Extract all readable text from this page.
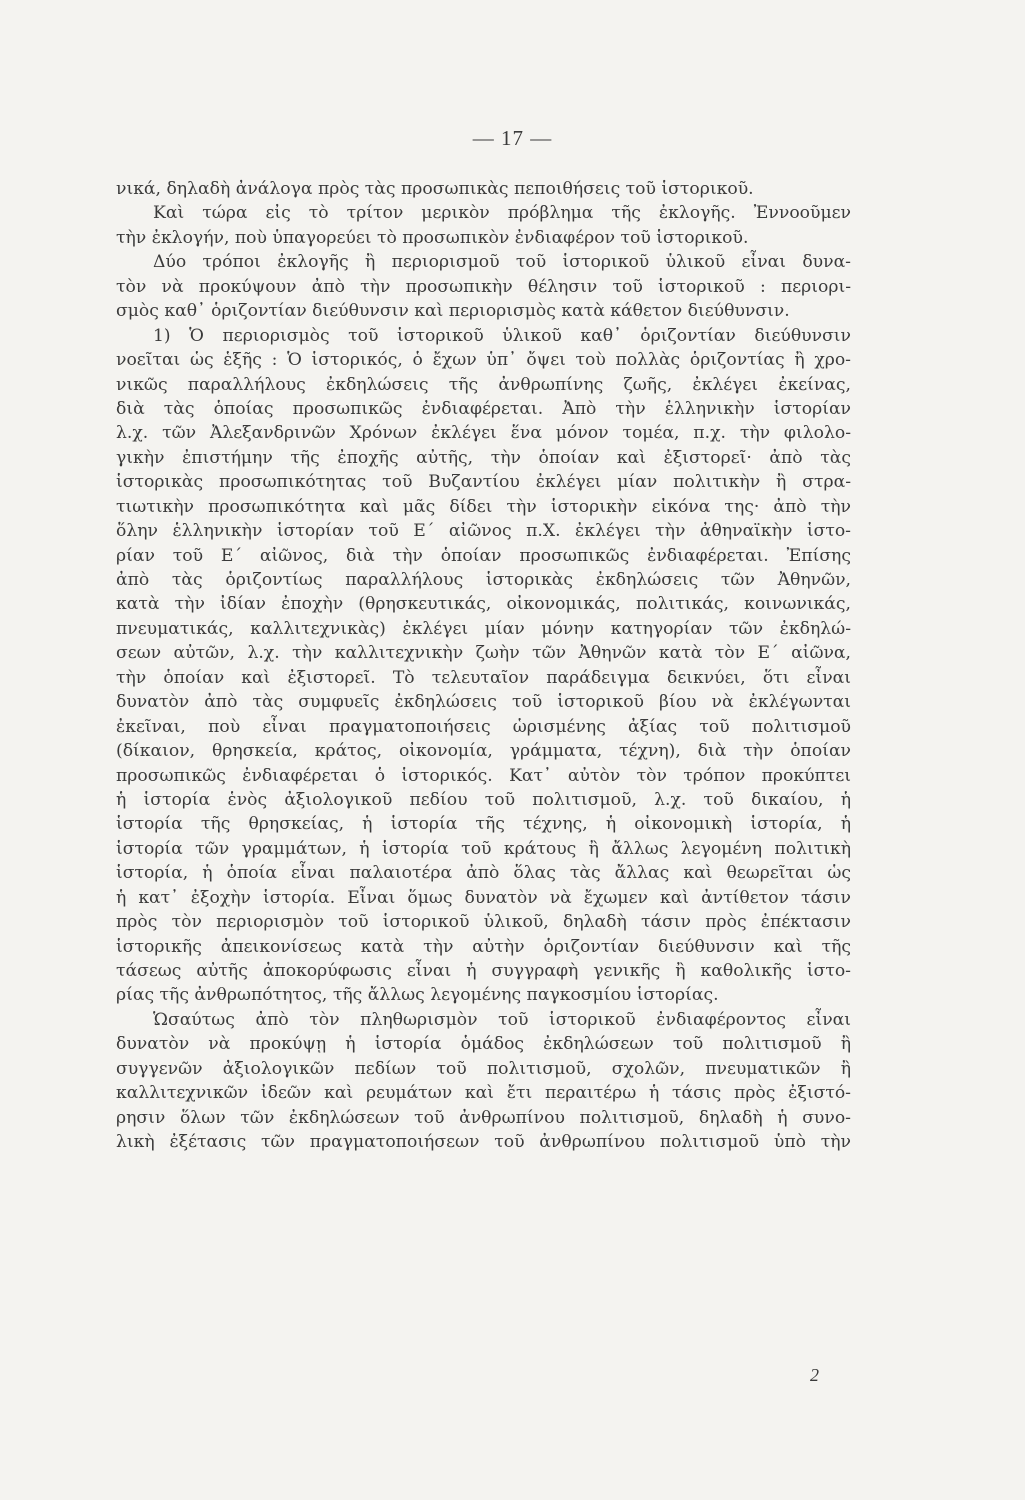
— 17 —
νικά, δηλαδὴ ἀνάλογα πρὸς τὰς προσωπικὰς πεποιθήσεις τοῦ ἱστορικοῦ.
Καὶ τώρα εἰς τὸ τρίτον μερικὸν πρόβλημα τῆς ἐκλογῆς. Ἐννοοῦμεν
τὴν ἐκλογήν, ποὺ ὑπαγορεύει τὸ προσωπικὸν ἐνδιαφέρον τοῦ ἱστορικοῦ.
Δύο τρόποι ἐκλογῆς ἢ περιορισμοῦ τοῦ ἱστορικοῦ ὑλικοῦ εἶναι δυνα-
τὸν νὰ προκύψουν ἀπὸ τὴν προσωπικὴν θέλησιν τοῦ ἱστορικοῦ : περιορι-
σμὸς καθ᾽ ὁριζοντίαν διεύθυνσιν καὶ περιορισμὸς κατὰ κάθετον διεύθυνσιν.
1) Ὁ περιορισμὸς τοῦ ἱστορικοῦ ὑλικοῦ καθ᾽ ὁριζοντίαν διεύθυνσιν
νοεῖται ὡς ἑξῆς : Ὁ ἱστορικός, ὁ ἔχων ὑπ᾽ ὄψει τοὺ πολλὰς ὁριζοντίας ἢ χρο-
νικῶς παραλλήλους ἐκδηλώσεις τῆς ἀνθρωπίνης ζωῆς, ἐκλέγει ἐκείνας,
διὰ τὰς ὁποίας προσωπικῶς ἐνδιαφέρεται. Ἀπὸ τὴν ἑλληνικὴν ἱστορίαν
λ.χ. τῶν Ἀλεξανδρινῶν Χρόνων ἐκλέγει ἕνα μόνον τομέα, π.χ. τὴν φιλολο-
γικὴν ἐπιστήμην τῆς ἐποχῆς αὐτῆς, τὴν ὁποίαν καὶ ἐξιστορεῖ· ἀπὸ τὰς
ἱστορικὰς προσωπικότητας τοῦ Βυζαντίου ἐκλέγει μίαν πολιτικὴν ἢ στρα-
τιωτικὴν προσωπικότητα καὶ μᾶς δίδει τὴν ἱστορικὴν εἰκόνα της· ἀπὸ τὴν
ὅλην ἑλληνικὴν ἱστορίαν τοῦ Ε΄ αἰῶνος π.Χ. ἐκλέγει τὴν ἀθηναϊκὴν ἱστο-
ρίαν τοῦ Ε΄ αἰῶνος, διὰ τὴν ὁποίαν προσωπικῶς ἐνδιαφέρεται. Ἐπίσης
ἀπὸ τὰς ὁριζοντίως παραλλήλους ἱστορικὰς ἐκδηλώσεις τῶν Ἀθηνῶν,
κατὰ τὴν ἰδίαν ἐποχὴν (θρησκευτικάς, οἰκονομικάς, πολιτικάς, κοινωνικάς,
πνευματικάς, καλλιτεχνικὰς) ἐκλέγει μίαν μόνην κατηγορίαν τῶν ἐκδηλώ-
σεων αὐτῶν, λ.χ. τὴν καλλιτεχνικὴν ζωὴν τῶν Ἀθηνῶν κατὰ τὸν Ε΄ αἰῶνα,
τὴν ὁποίαν καὶ ἐξιστορεῖ. Τὸ τελευταῖον παράδειγμα δεικνύει, ὅτι εἶναι
δυνατὸν ἀπὸ τὰς συμφυεῖς ἐκδηλώσεις τοῦ ἱστορικοῦ βίου νὰ ἐκλέγωνται
ἐκεῖναι, ποὺ εἶναι πραγματοποιήσεις ὡρισμένης ἀξίας τοῦ πολιτισμοῦ
(δίκαιον, θρησκεία, κράτος, οἰκονομία, γράμματα, τέχνη), διὰ τὴν ὁποίαν
προσωπικῶς ἐνδιαφέρεται ὁ ἱστορικός. Κατ᾽ αὐτὸν τὸν τρόπον προκύπτει
ἡ ἱστορία ἑνὸς ἀξιολογικοῦ πεδίου τοῦ πολιτισμοῦ, λ.χ. τοῦ δικαίου, ἡ
ἱστορία τῆς θρησκείας, ἡ ἱστορία τῆς τέχνης, ἡ οἰκονομικὴ ἱστορία, ἡ
ἱστορία τῶν γραμμάτων, ἡ ἱστορία τοῦ κράτους ἢ ἄλλως λεγομένη πολιτικὴ
ἱστορία, ἡ ὁποία εἶναι παλαιοτέρα ἀπὸ ὅλας τὰς ἄλλας καὶ θεωρεῖται ὡς
ἡ κατ᾽ ἐξοχὴν ἱστορία. Εἶναι ὅμως δυνατὸν νὰ ἔχωμεν καὶ ἀντίθετον τάσιν
πρὸς τὸν περιορισμὸν τοῦ ἱστορικοῦ ὑλικοῦ, δηλαδὴ τάσιν πρὸς ἐπέκτασιν
ἱστορικῆς ἀπεικονίσεως κατὰ τὴν αὐτὴν ὁριζοντίαν διεύθυνσιν καὶ τῆς
τάσεως αὐτῆς ἀποκορύφωσις εἶναι ἡ συγγραφὴ γενικῆς ἢ καθολικῆς ἱστο-
ρίας τῆς ἀνθρωπότητος, τῆς ἄλλως λεγομένης παγκοσμίου ἱστορίας.
Ὡσαύτως ἀπὸ τὸν πληθωρισμὸν τοῦ ἱστορικοῦ ἐνδιαφέροντος εἶναι
δυνατὸν νὰ προκύψῃ ἡ ἱστορία ὁμάδος ἐκδηλώσεων τοῦ πολιτισμοῦ ἢ
συγγενῶν ἀξιολογικῶν πεδίων τοῦ πολιτισμοῦ, σχολῶν, πνευματικῶν ἢ
καλλιτεχνικῶν ἰδεῶν καὶ ρευμάτων καὶ ἔτι περαιτέρω ἡ τάσις πρὸς ἐξιστό-
ρησιν ὅλων τῶν ἐκδηλώσεων τοῦ ἀνθρωπίνου πολιτισμοῦ, δηλαδὴ ἡ συνο-
λικὴ ἐξέτασις τῶν πραγματοποιήσεων τοῦ ἀνθρωπίνου πολιτισμοῦ ὑπὸ τὴν
2
